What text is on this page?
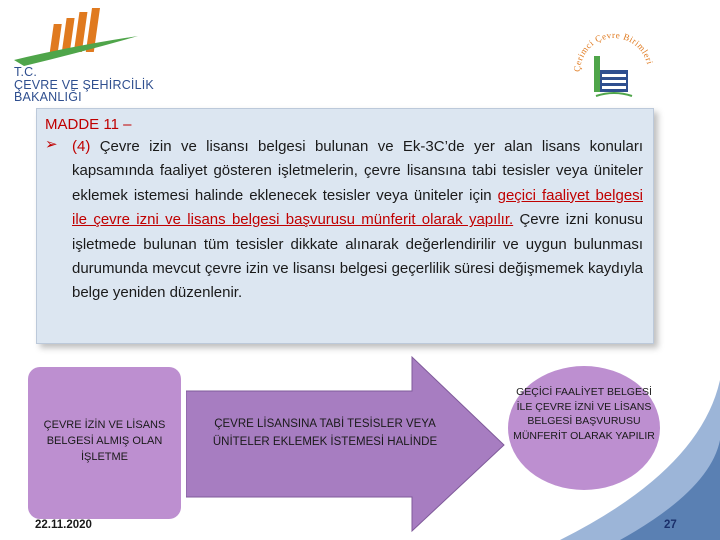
T.C.
ÇEVRE VE ŞEHİRCİLİK
BAKANLIĞI
Çerimci Çevre Birimleri
MADDE 11 –
➢ (4) Çevre izin ve lisansı belgesi bulunan ve Ek-3C’de yer alan lisans konuları kapsamında faaliyet gösteren işletmelerin, çevre lisansına tabi tesisler veya üniteler eklemek istemesi halinde eklenecek tesisler veya üniteler için geçici faaliyet belgesi ile çevre izni ve lisans belgesi başvurusu münferit olarak yapılır. Çevre izni konusu işletmede bulunan tüm tesisler dikkate alınarak değerlendirilir ve uygun bulunması durumunda mevcut çevre izin ve lisansı belgesi geçerlilik süresi değişmemek kaydıyla belge yeniden düzenlenir.
ÇEVRE İZİN VE LİSANS BELGESİ ALMIŞ OLAN İŞLETME
ÇEVRE LİSANSINA TABİ TESİSLER VEYA ÜNİTELER EKLEMEK İSTEMESİ HALİNDE
GEÇİCİ FAALİYET BELGESİ İLE ÇEVRE İZNİ VE LİSANS BELGESİ BAŞVURUSU MÜNFERİT OLARAK YAPILIR
22.11.2020	27
